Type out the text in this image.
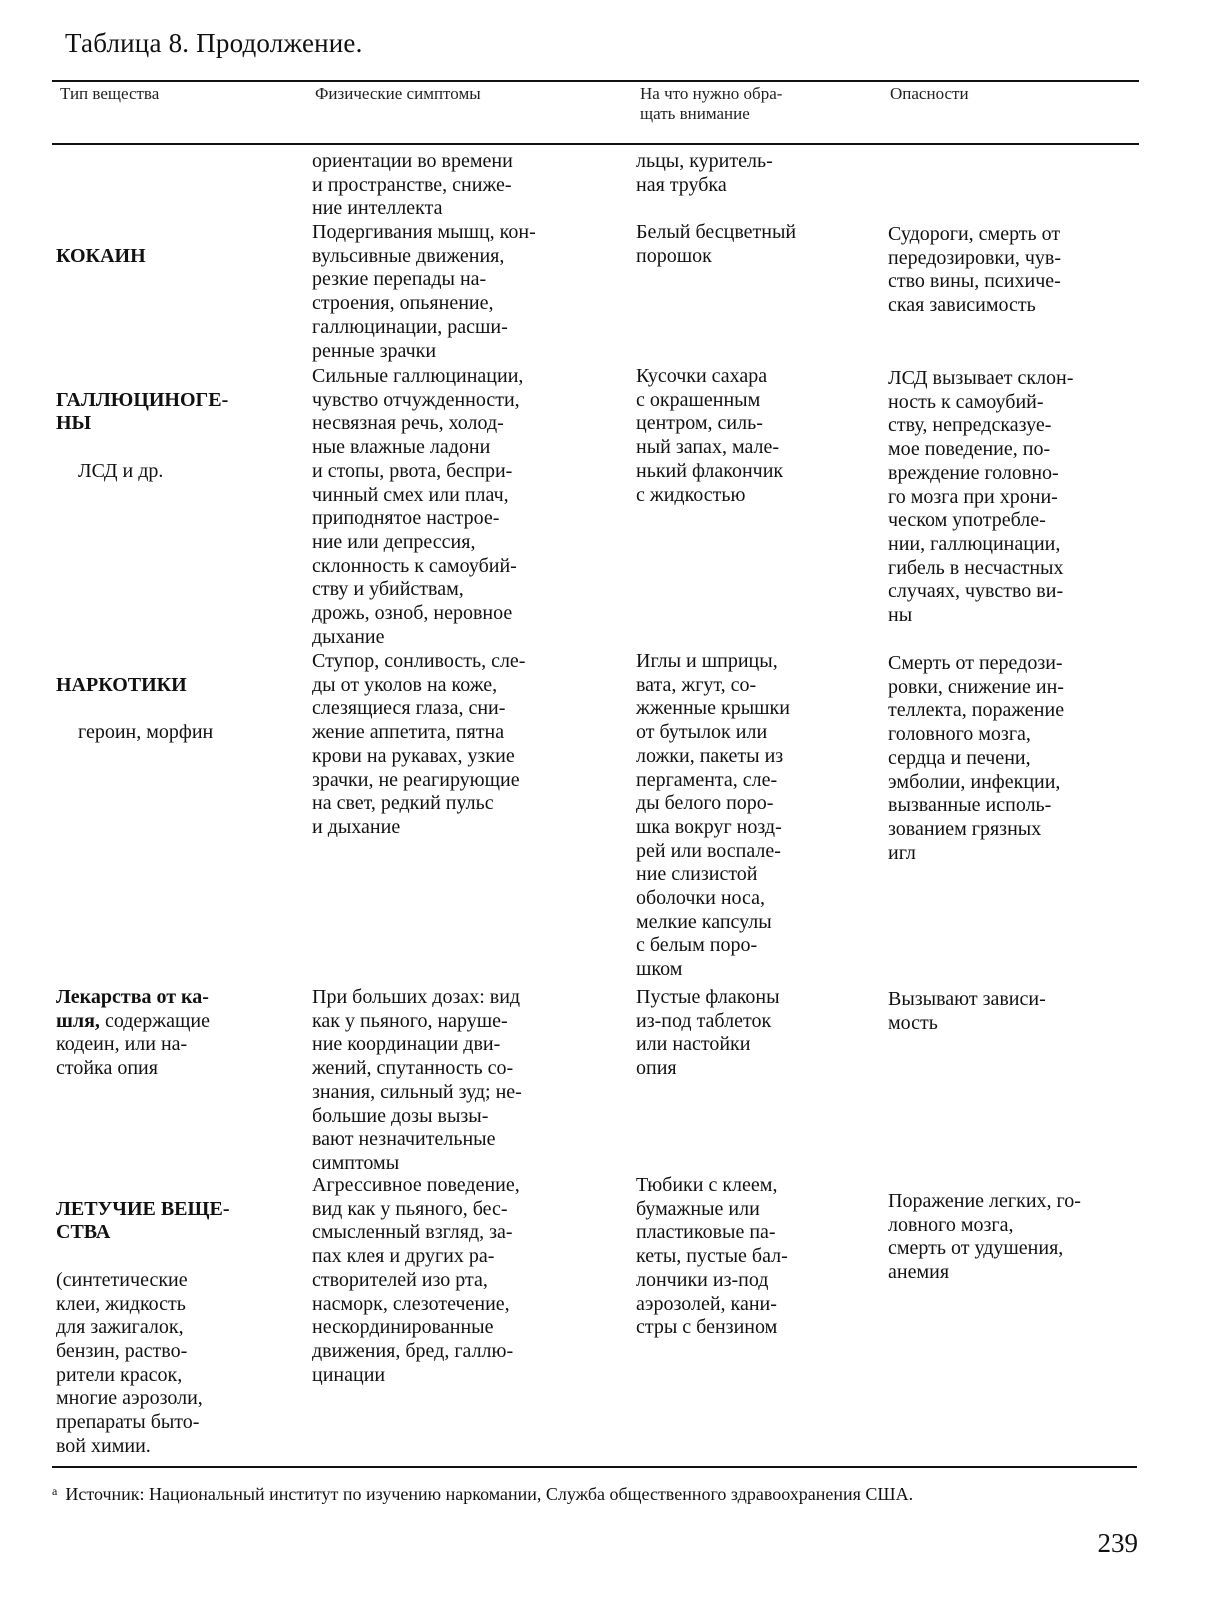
Таблица 8. Продолжение.
Тип вещества	Физические симптомы	На что нужно обра-
щать внимание
Опасности
ориентации во времени
и пространстве, сниже-
ние интеллекта
льцы, куритель-
ная трубка

КОКАИН

Подергивания мышц, кон-
вульсивные движения,
резкие перепады на-
строения, опьянение,
галлюцинации, расши-
ренные зрачки
Белый бесцветный
порошок
Судороги, смерть от
передозировки, чув-
ство вины, психиче-
ская зависимость

ГАЛЛЮЦИНОГЕ-
НЫ

ЛСД и др.

Сильные галлюцинации,
чувство отчужденности,
несвязная речь, холод-
ные влажные ладони
и стопы, рвота, беспри-
чинный смех или плач,
приподнятое настрое-
ние или депрессия,
склонность к самоубий-
ству и убийствам,
дрожь, озноб, неровное
дыхание
Кусочки сахара
с окрашенным
центром, силь-
ный запах, мале-
нький флакончик
с жидкостью
ЛСД вызывает склон-
ность к самоубий-
ству, непредсказуе-
мое поведение, по-
вреждение головно-
го мозга при хрони-
ческом употребле-
нии, галлюцинации,
гибель в несчастных
случаях, чувство ви-
ны

НАРКОТИКИ

героин, морфин

Ступор, сонливость, сле-
ды от уколов на коже,
слезящиеся глаза, сни-
жение аппетита, пятна
крови на рукавах, узкие
зрачки, не реагирующие
на свет, редкий пульс
и дыхание
Иглы и шприцы,
вата, жгут, со-
жженные крышки
от бутылок или
ложки, пакеты из
пергамента, сле-
ды белого поро-
шка вокруг нозд-
рей или воспале-
ние слизистой
оболочки носа,
мелкие капсулы
с белым поро-
шком
Смерть от передози-
ровки, снижение ин-
теллекта, поражение
головного мозга,
сердца и печени,
эмболии, инфекции,
вызванные исполь-
зованием грязных
игл
Лекарства от ка-
шля, содержащие
кодеин, или на-
стойка опия
При больших дозах: вид
как у пьяного, наруше-
ние координации дви-
жений, спутанность со-
знания, сильный зуд; не-
большие дозы вызы-
вают незначительные
симптомы
Пустые флаконы
из-под таблеток
или настойки
опия
Вызывают зависи-
мость

ЛЕТУЧИЕ ВЕЩЕ-
СТВА

(синтетические
клеи, жидкость
для зажигалок,
бензин, раство-
рители красок,
многие аэрозоли,
препараты быто-
вой химии.

Агрессивное поведение,
вид как у пьяного, бес-
смысленный взгляд, за-
пах клея и других ра-
створителей изо рта,
насморк, слезотечение,
нескординированные
движения, бред, галлю-
цинации
Тюбики с клеем,
бумажные или
пластиковые па-
кеты, пустые бал-
лончики из-под
аэрозолей, кани-
стры с бензином
Поражение легких, го-
ловного мозга,
смерть от удушения,
анемия
$^a$ Источник: Национальный институт по изучению наркомании, Служба общественного здравоохранения США.
239
